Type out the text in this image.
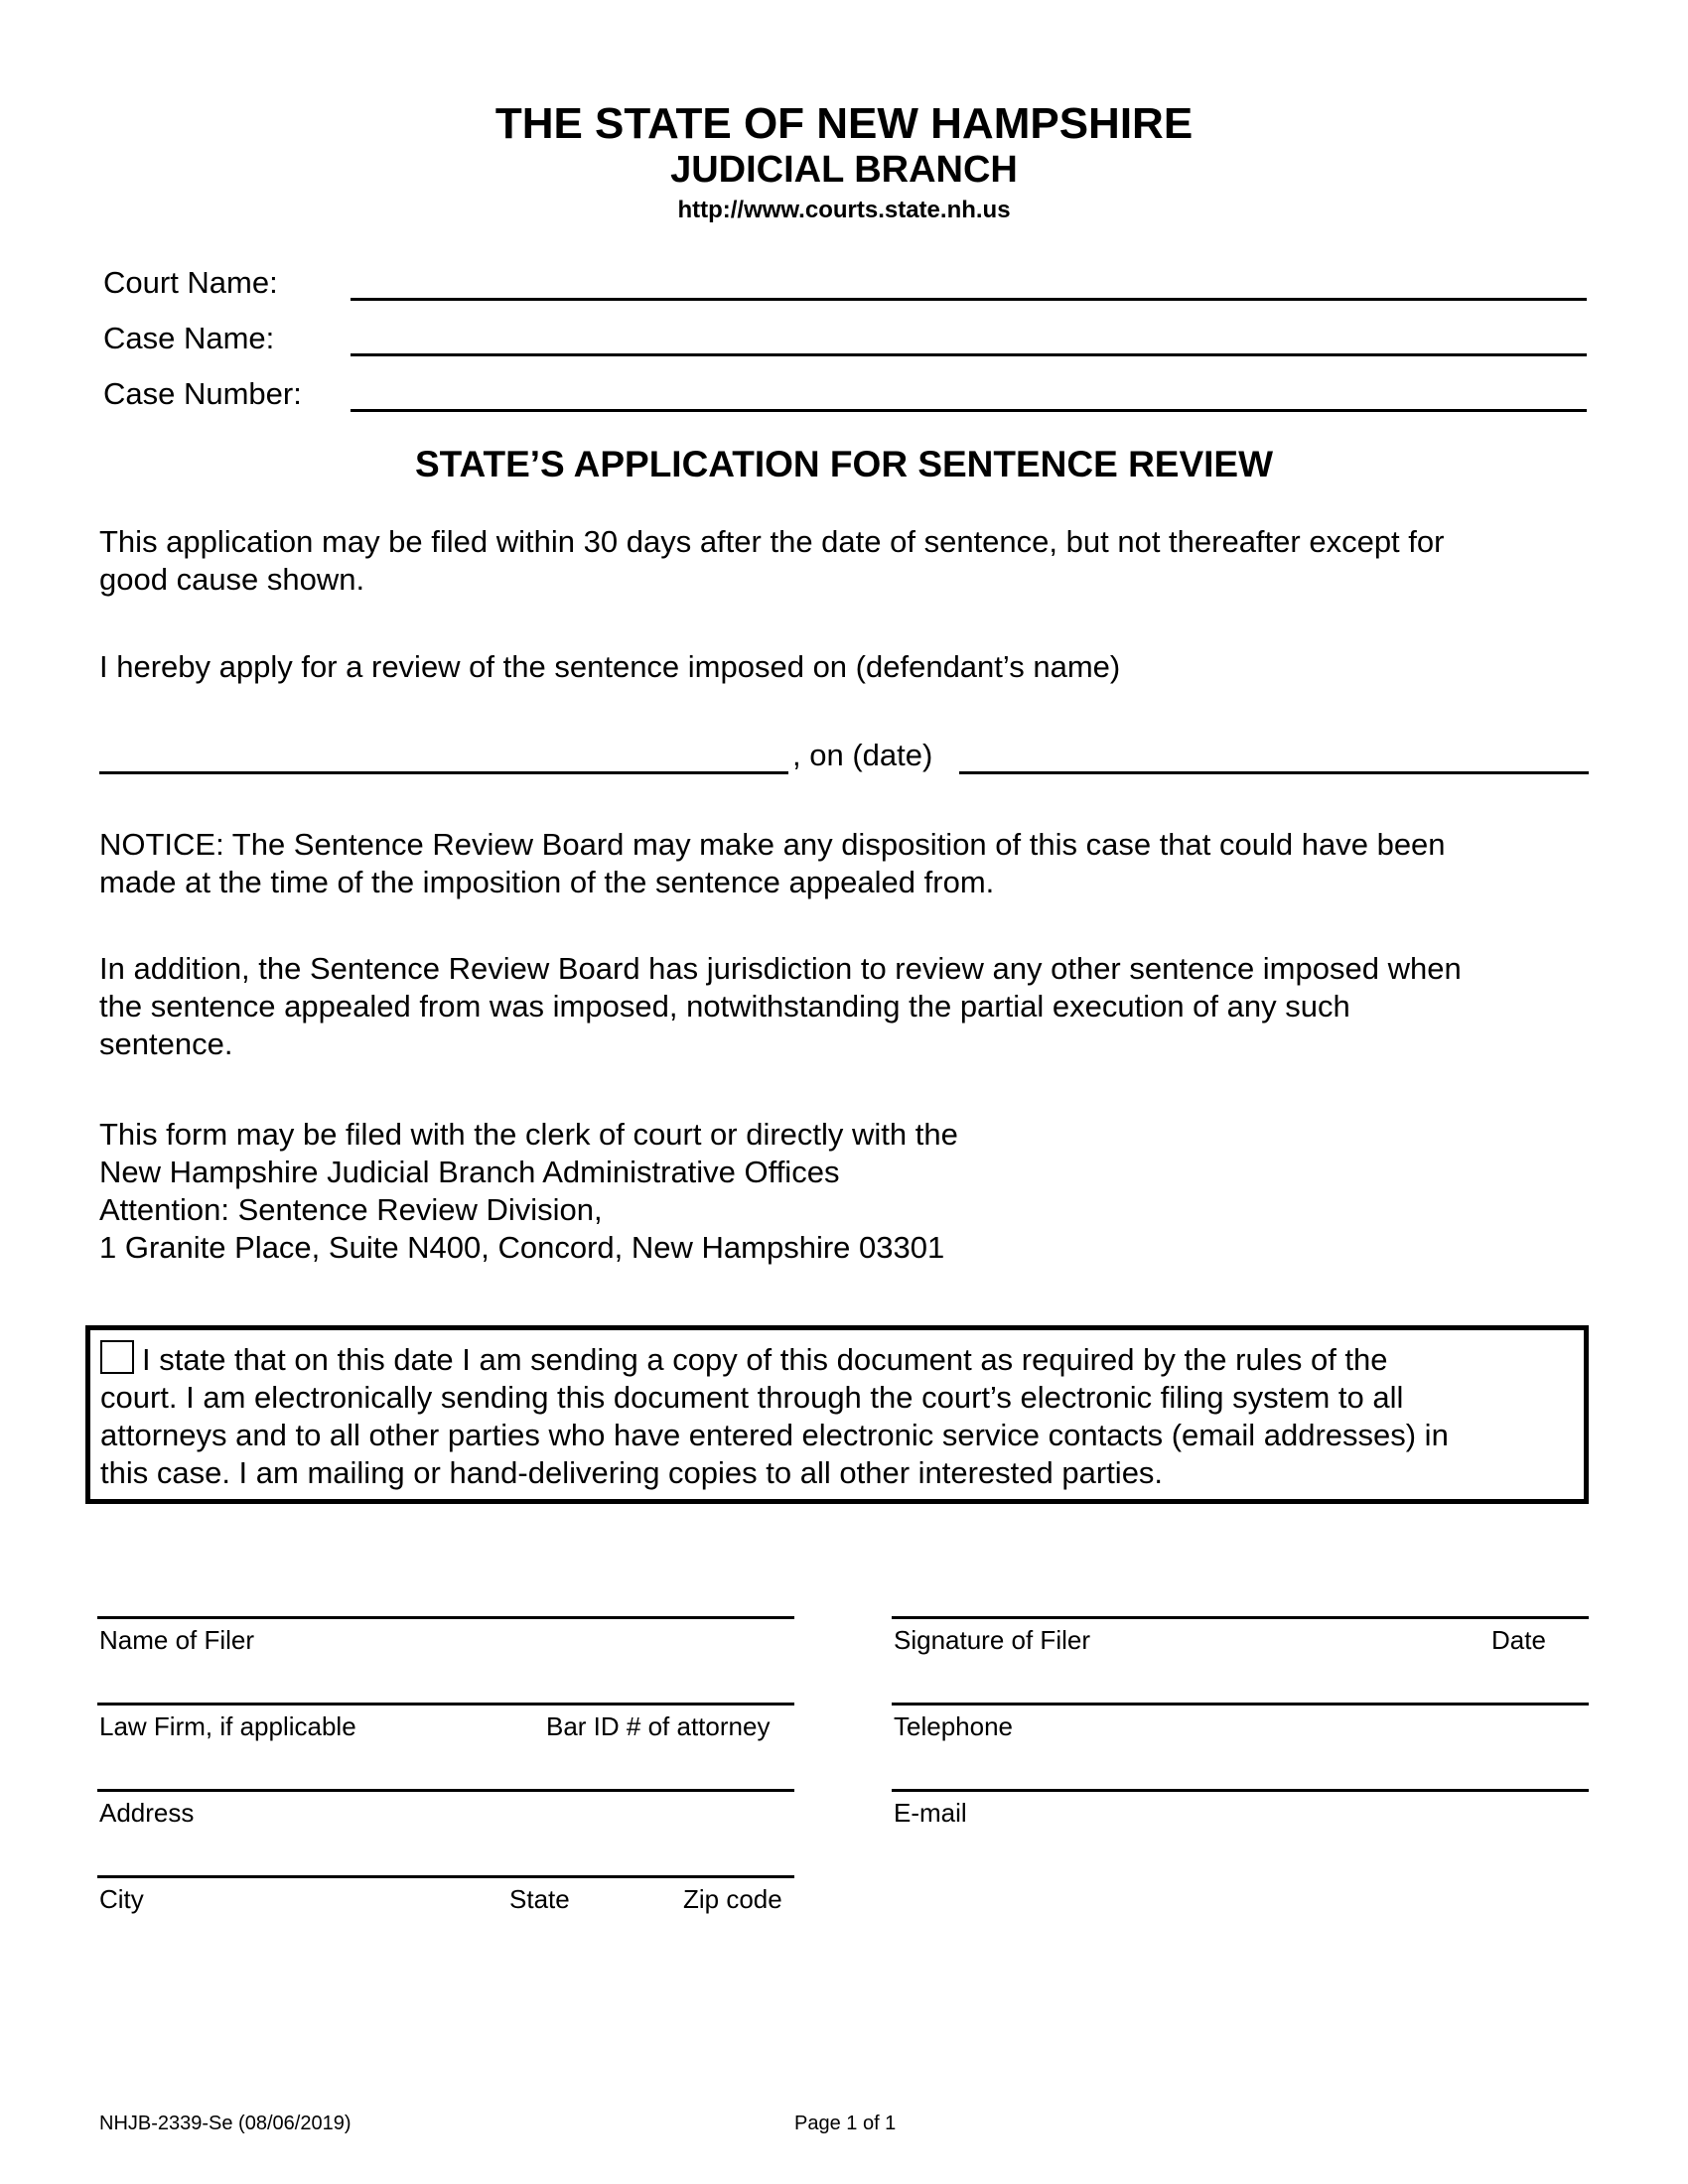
THE STATE OF NEW HAMPSHIRE
JUDICIAL BRANCH
http://www.courts.state.nh.us
Court Name:
Case Name:
Case Number:
STATE’S APPLICATION FOR SENTENCE REVIEW
This application may be filed within 30 days after the date of sentence, but not thereafter except for
good cause shown.
I hereby apply for a review of the sentence imposed on (defendant’s name)
, on (date)
NOTICE: The Sentence Review Board may make any disposition of this case that could have been
made at the time of the imposition of the sentence appealed from.
In addition, the Sentence Review Board has jurisdiction to review any other sentence imposed when
the sentence appealed from was imposed, notwithstanding the partial execution of any such
sentence.
This form may be filed with the clerk of court or directly with the
New Hampshire Judicial Branch Administrative Offices
Attention: Sentence Review Division,
1 Granite Place, Suite N400, Concord, New Hampshire 03301
I state that on this date I am sending a copy of this document as required by the rules of the
court. I am electronically sending this document through the court’s electronic filing system to all
attorneys and to all other parties who have entered electronic service contacts (email addresses) in
this case. I am mailing or hand-delivering copies to all other interested parties.
Name of Filer	Signature of Filer	Date
Law Firm, if applicable	Bar ID # of attorney	Telephone
Address	E-mail
City	State	Zip code
NHJB-2339-Se (08/06/2019)	Page 1 of 1
